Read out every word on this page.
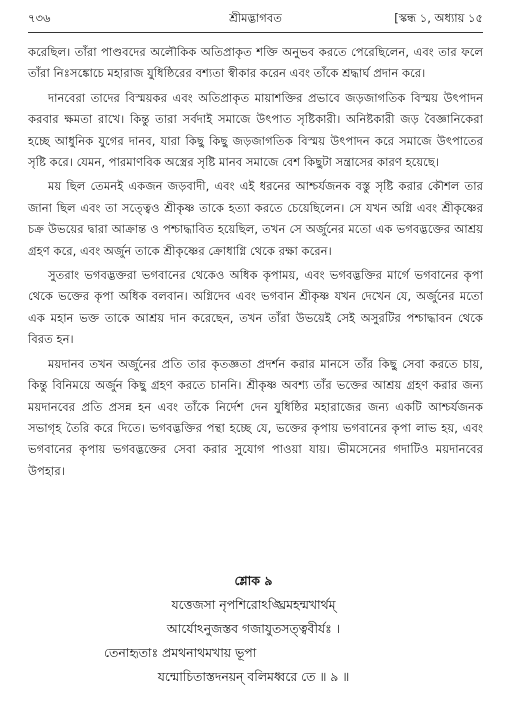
৭৩৬	শ্রীমদ্ভাগবত	[স্কন্ধ ১, অধ্যায় ১৫

করেছিল। তাঁরা পাণ্ডবদের অলৌকিক অতিপ্রাকৃত শক্তি অনুভব করতে পেরেছিলেন, এবং তার ফলে তাঁরা নিঃসঙ্কোচে মহারাজ যুধিষ্ঠিরের বশ্যতা স্বীকার করেন এবং তাঁকে শ্রদ্ধার্ঘ প্রদান করে।

দানবেরা তাদের বিস্ময়কর এবং অতিপ্রাকৃত মায়াশক্তির প্রভাবে জড়জাগতিক বিস্ময় উৎপাদন করবার ক্ষমতা রাখে। কিন্তু তারা সর্বদাই সমাজে উৎপাত সৃষ্টিকারী। অনিষ্টকারী জড় বৈজ্ঞানিকেরা হচ্ছে আধুনিক যুগের দানব, যারা কিছু কিছু জড়জাগতিক বিস্ময় উৎপাদন করে সমাজে উৎপাতের সৃষ্টি করে। যেমন, পারমাণবিক অস্ত্রের সৃষ্টি মানব সমাজে বেশ কিছুটা সন্ত্রাসের কারণ হয়েছে।

ময় ছিল তেমনই একজন জড়বাদী, এবং এই ধরনের আশ্চর্যজনক বস্তু সৃষ্টি করার কৌশল তার জানা ছিল এবং তা সত্ত্বেও শ্রীকৃষ্ণ তাকে হত্যা করতে চেয়েছিলেন। সে যখন অগ্নি এবং শ্রীকৃষ্ণের চক্র উভয়ের দ্বারা আক্রান্ত ও পশ্চাদ্ধাবিত হয়েছিল, তখন সে অর্জুনের মতো এক ভগবদ্ভক্তের আশ্রয় গ্রহণ করে, এবং অর্জুন তাকে শ্রীকৃষ্ণের ক্রোধাগ্নি থেকে রক্ষা করেন।

সুতরাং ভগবদ্ভক্তরা ভগবানের থেকেও অধিক কৃপাময়, এবং ভগবদ্ভক্তির মার্গে ভগবানের কৃপা থেকে ভক্তের কৃপা অধিক বলবান। অগ্নিদেব এবং ভগবান শ্রীকৃষ্ণ যখন দেখেন যে, অর্জুনের মতো এক মহান ভক্ত তাকে আশ্রয় দান করেছেন, তখন তাঁরা উভয়েই সেই অসুরটির পশ্চাদ্ধাবন থেকে বিরত হন।

ময়দানব তখন অর্জুনের প্রতি তার কৃতজ্ঞতা প্রদর্শন করার মানসে তাঁর কিছু সেবা করতে চায়, কিন্তু বিনিময়ে অর্জুন কিছু গ্রহণ করতে চাননি। শ্রীকৃষ্ণ অবশ্য তাঁর ভক্তের আশ্রয় গ্রহণ করার জন্য ময়দানবের প্রতি প্রসন্ন হন এবং তাঁকে নির্দেশ দেন যুধিষ্ঠির মহারাজের জন্য একটি আশ্চর্যজনক সভাগৃহ তৈরি করে দিতে। ভগবদ্ভক্তির পন্থা হচ্ছে যে, ভক্তের কৃপায় ভগবানের কৃপা লাভ হয়, এবং ভগবানের কৃপায় ভগবদ্ভক্তের সেবা করার সুযোগ পাওয়া যায়। ভীমসেনের গদাটিও ময়দানবের উপহার।

শ্লোক ৯
যত্তেজসা নৃপশিরোঽঙ্ঘ্রিমহন্মখার্থম্
আর্যোঽনুজস্তব গজাযুতসত্ত্ববীর্যঃ ।
তেনাহৃতাঃ প্রমথনাথমখায় ভূপা
যন্মোচিতাস্তদনয়ন্ বলিমধ্বরে তে ॥ ৯ ॥
